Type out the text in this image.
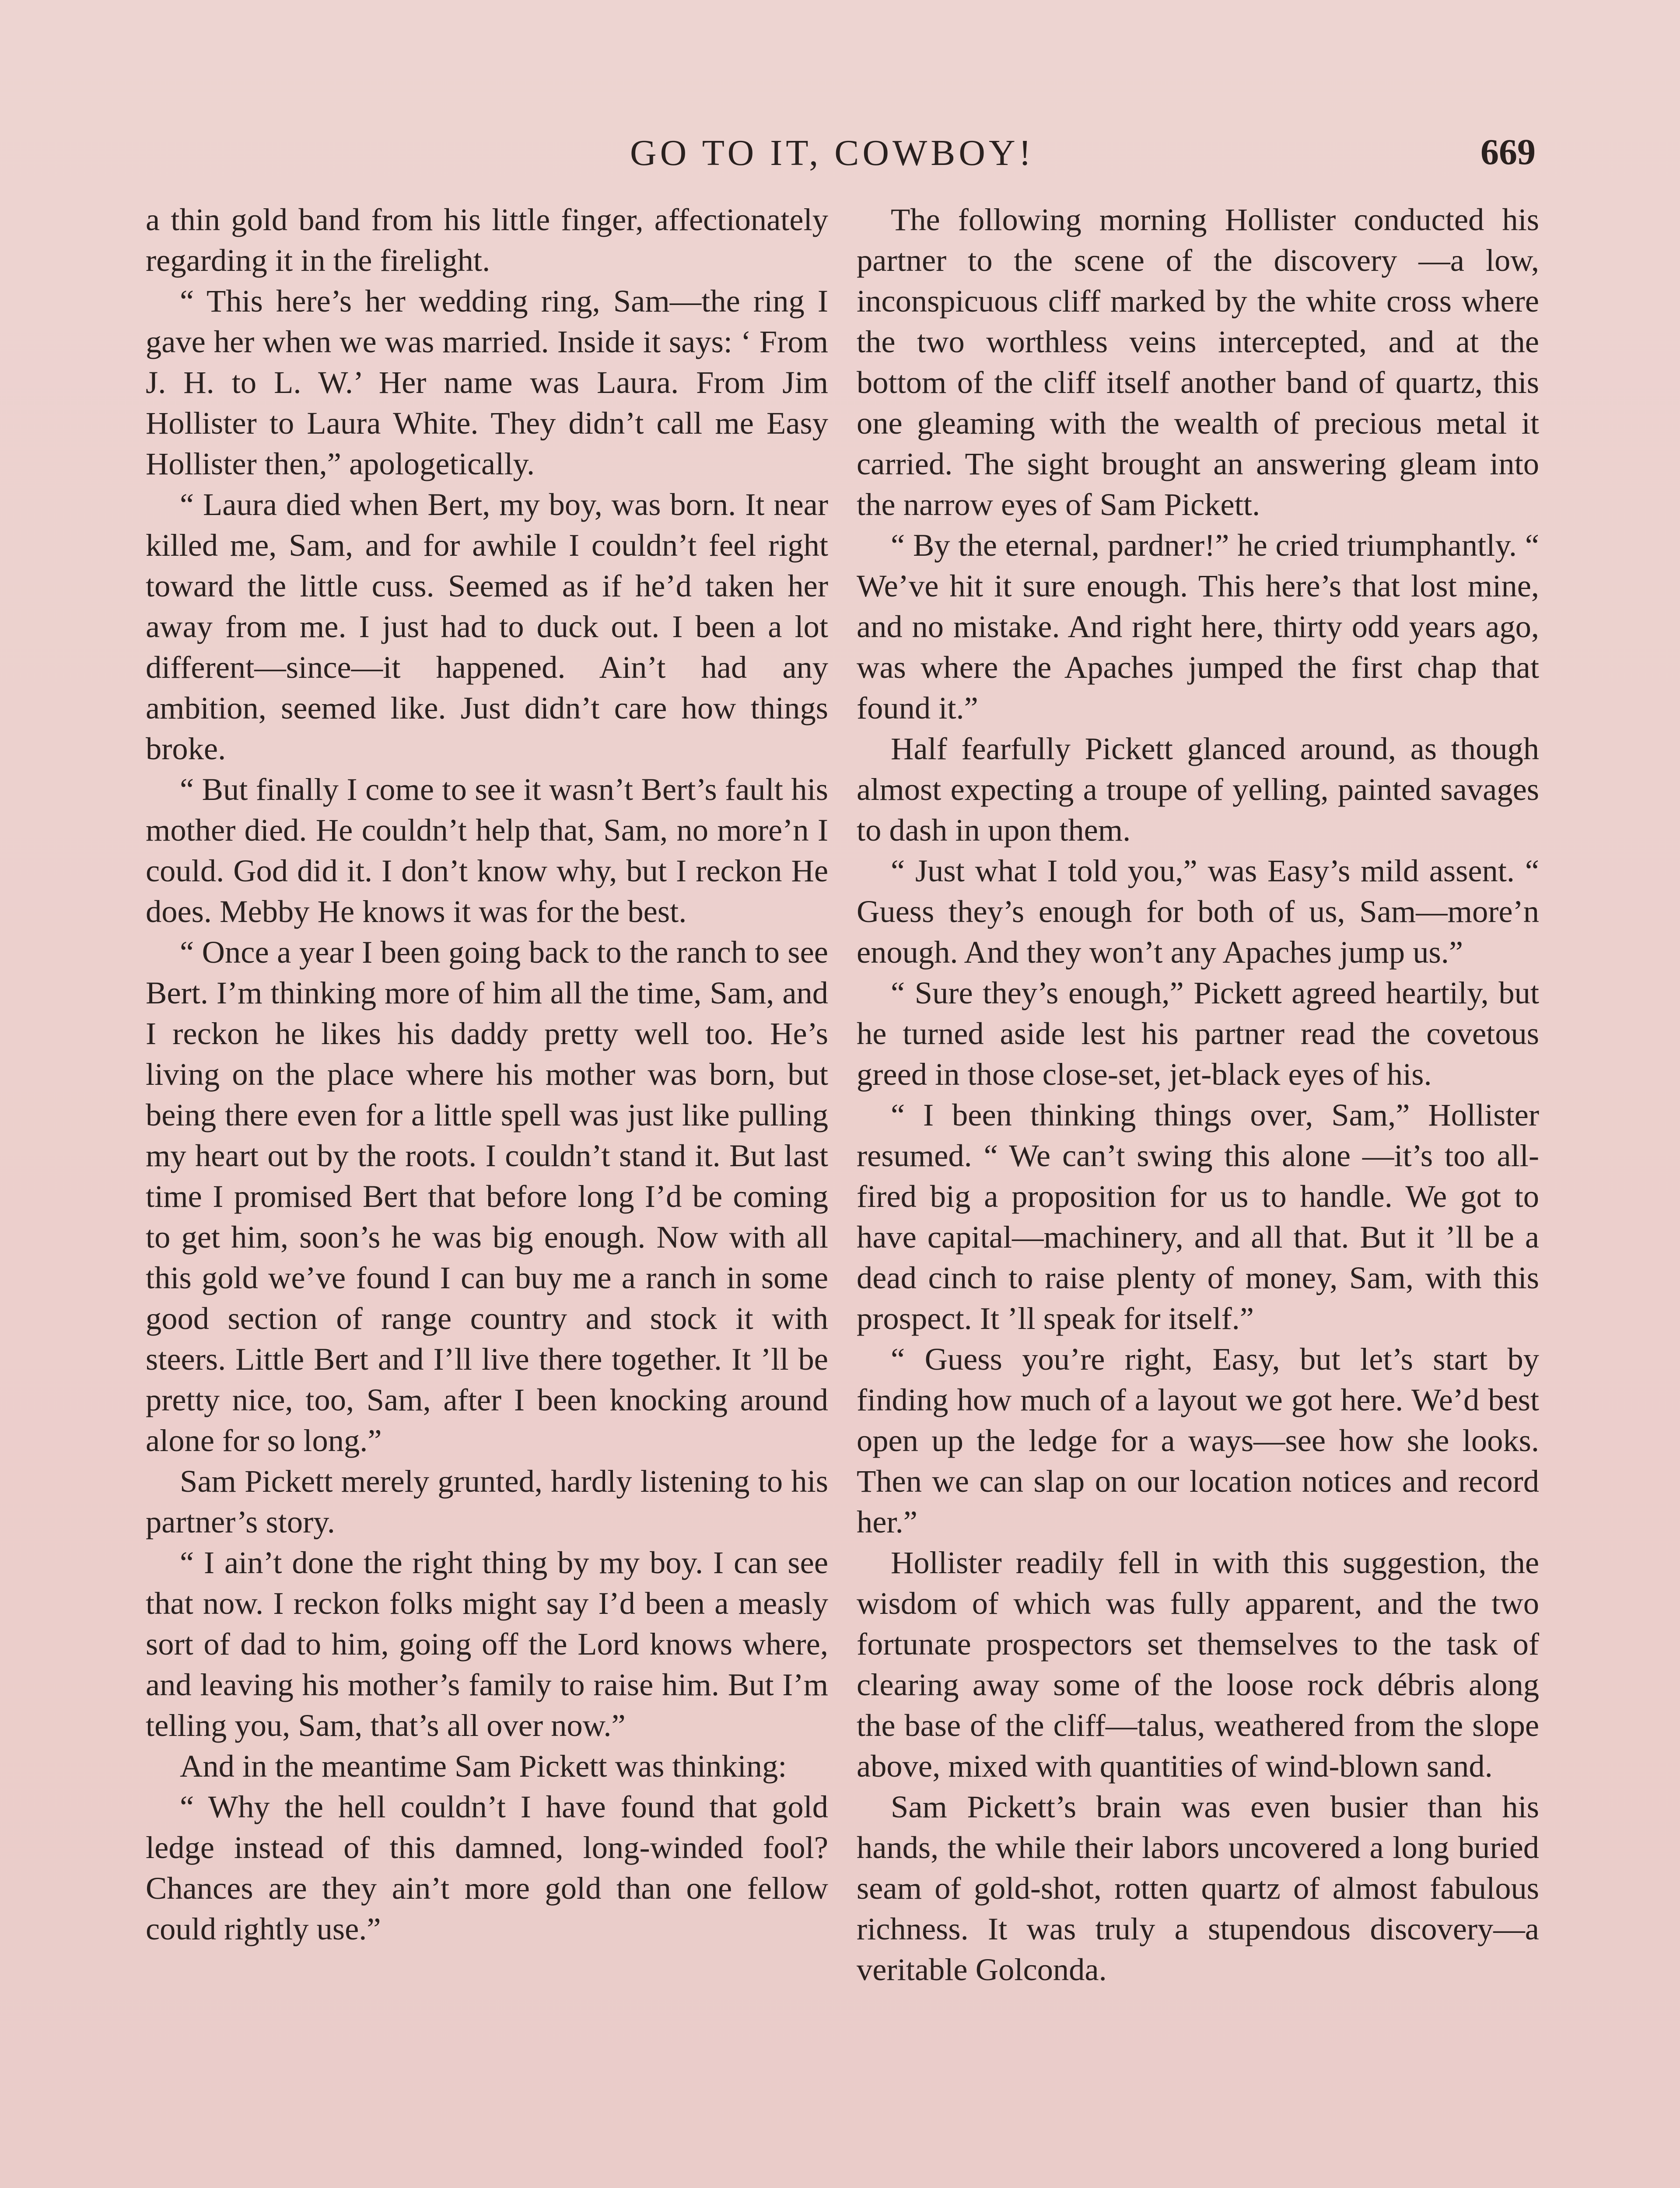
GO TO IT, COWBOY!	669

a thin gold band from his little finger, affectionately regarding it in the firelight.

“ This here’s her wedding ring, Sam—the ring I gave her when we was married. Inside it says: ‘ From J. H. to L. W.’ Her name was Laura. From Jim Hollister to Laura White. They didn’t call me Easy Hollister then,” apologetically.

“ Laura died when Bert, my boy, was born. It near killed me, Sam, and for awhile I couldn’t feel right toward the little cuss. Seemed as if he’d taken her away from me. I just had to duck out. I been a lot different—since—it happened. Ain’t had any ambition, seemed like. Just didn’t care how things broke.

“ But finally I come to see it wasn’t Bert’s fault his mother died. He couldn’t help that, Sam, no more’n I could. God did it. I don’t know why, but I reckon He does. Mebby He knows it was for the best.

“ Once a year I been going back to the ranch to see Bert. I’m thinking more of him all the time, Sam, and I reckon he likes his daddy pretty well too. He’s living on the place where his mother was born, but being there even for a little spell was just like pulling my heart out by the roots. I couldn’t stand it. But last time I promised Bert that before long I’d be coming to get him, soon’s he was big enough. Now with all this gold we’ve found I can buy me a ranch in some good section of range country and stock it with steers. Little Bert and I’ll live there together. It ’ll be pretty nice, too, Sam, after I been knocking around alone for so long.”

Sam Pickett merely grunted, hardly listening to his partner’s story.

“ I ain’t done the right thing by my boy. I can see that now. I reckon folks might say I’d been a measly sort of dad to him, going off the Lord knows where, and leaving his mother’s family to raise him. But I’m telling you, Sam, that’s all over now.”

And in the meantime Sam Pickett was thinking:

“ Why the hell couldn’t I have found that gold ledge instead of this damned, long-winded fool? Chances are they ain’t more gold than one fellow could rightly use.”

The following morning Hollister conducted his partner to the scene of the discovery —a low, inconspicuous cliff marked by the white cross where the two worthless veins intercepted, and at the bottom of the cliff itself another band of quartz, this one gleaming with the wealth of precious metal it carried. The sight brought an answering gleam into the narrow eyes of Sam Pickett.

“ By the eternal, pardner!” he cried triumphantly. “ We’ve hit it sure enough. This here’s that lost mine, and no mistake. And right here, thirty odd years ago, was where the Apaches jumped the first chap that found it.”

Half fearfully Pickett glanced around, as though almost expecting a troupe of yelling, painted savages to dash in upon them.

“ Just what I told you,” was Easy’s mild assent. “ Guess they’s enough for both of us, Sam—more’n enough. And they won’t any Apaches jump us.”

“ Sure they’s enough,” Pickett agreed heartily, but he turned aside lest his partner read the covetous greed in those close-set, jet-black eyes of his.

“ I been thinking things over, Sam,” Hollister resumed. “ We can’t swing this alone —it’s too all-fired big a proposition for us to handle. We got to have capital—machinery, and all that. But it ’ll be a dead cinch to raise plenty of money, Sam, with this prospect. It ’ll speak for itself.”

“ Guess you’re right, Easy, but let’s start by finding how much of a layout we got here. We’d best open up the ledge for a ways—see how she looks. Then we can slap on our location notices and record her.”

Hollister readily fell in with this suggestion, the wisdom of which was fully apparent, and the two fortunate prospectors set themselves to the task of clearing away some of the loose rock débris along the base of the cliff—talus, weathered from the slope above, mixed with quantities of wind-blown sand.

Sam Pickett’s brain was even busier than his hands, the while their labors uncovered a long buried seam of gold-shot, rotten quartz of almost fabulous richness. It was truly a stupendous discovery—a veritable Golconda.
